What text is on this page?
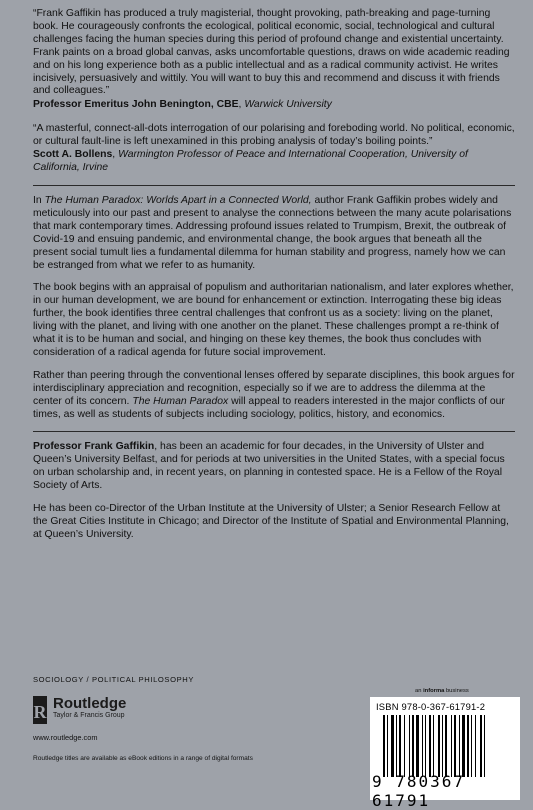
“Frank Gaffikin has produced a truly magisterial, thought provoking, path-breaking and page-turning book. He courageously confronts the ecological, political economic, social, technological and cultural challenges facing the human species during this period of profound change and existential uncertainty. Frank paints on a broad global canvas, asks uncomfortable questions, draws on wide academic reading and on his long experience both as a public intellectual and as a radical community activist. He writes incisively, persuasively and wittily. You will want to buy this and recommend and discuss it with friends and colleagues.”

Professor Emeritus John Benington, CBE, Warwick University

“A masterful, connect-all-dots interrogation of our polarising and foreboding world. No political, economic, or cultural fault-line is left unexamined in this probing analysis of today’s boiling points.”

Scott A. Bollens, Warmington Professor of Peace and International Cooperation, University of California, Irvine

In The Human Paradox: Worlds Apart in a Connected World, author Frank Gaffikin probes widely and meticulously into our past and present to analyse the connections between the many acute polarisations that mark contemporary times. Addressing profound issues related to Trumpism, Brexit, the outbreak of Covid-19 and ensuing pandemic, and environmental change, the book argues that beneath all the present social tumult lies a fundamental dilemma for human stability and progress, namely how we can be estranged from what we refer to as humanity.

The book begins with an appraisal of populism and authoritarian nationalism, and later explores whether, in our human development, we are bound for enhancement or extinction. Interrogating these big ideas further, the book identifies three central challenges that confront us as a society: living on the planet, living with the planet, and living with one another on the planet. These challenges prompt a re-think of what it is to be human and social, and hinging on these key themes, the book thus concludes with consideration of a radical agenda for future social improvement.

Rather than peering through the conventional lenses offered by separate disciplines, this book argues for interdisciplinary appreciation and recognition, especially so if we are to address the dilemma at the center of its concern. The Human Paradox will appeal to readers interested in the major conflicts of our times, as well as students of subjects including sociology, politics, history, and economics.

Professor Frank Gaffikin, has been an academic for four decades, in the University of Ulster and Queen’s University Belfast, and for periods at two universities in the United States, with a special focus on urban scholarship and, in recent years, on planning in contested space. He is a Fellow of the Royal Society of Arts.

He has been co-Director of the Urban Institute at the University of Ulster; a Senior Research Fellow at the Great Cities Institute in Chicago; and Director of the Institute of Spatial and Environmental Planning, at Queen’s University.

SOCIOLOGY / POLITICAL PHILOSOPHY
R Routledge
Taylor & Francis Group
www.routledge.com
Routledge titles are available as eBook editions in a range of digital formats
an informa business
ISBN 978-0-367-61791-2
9 780367 61791
